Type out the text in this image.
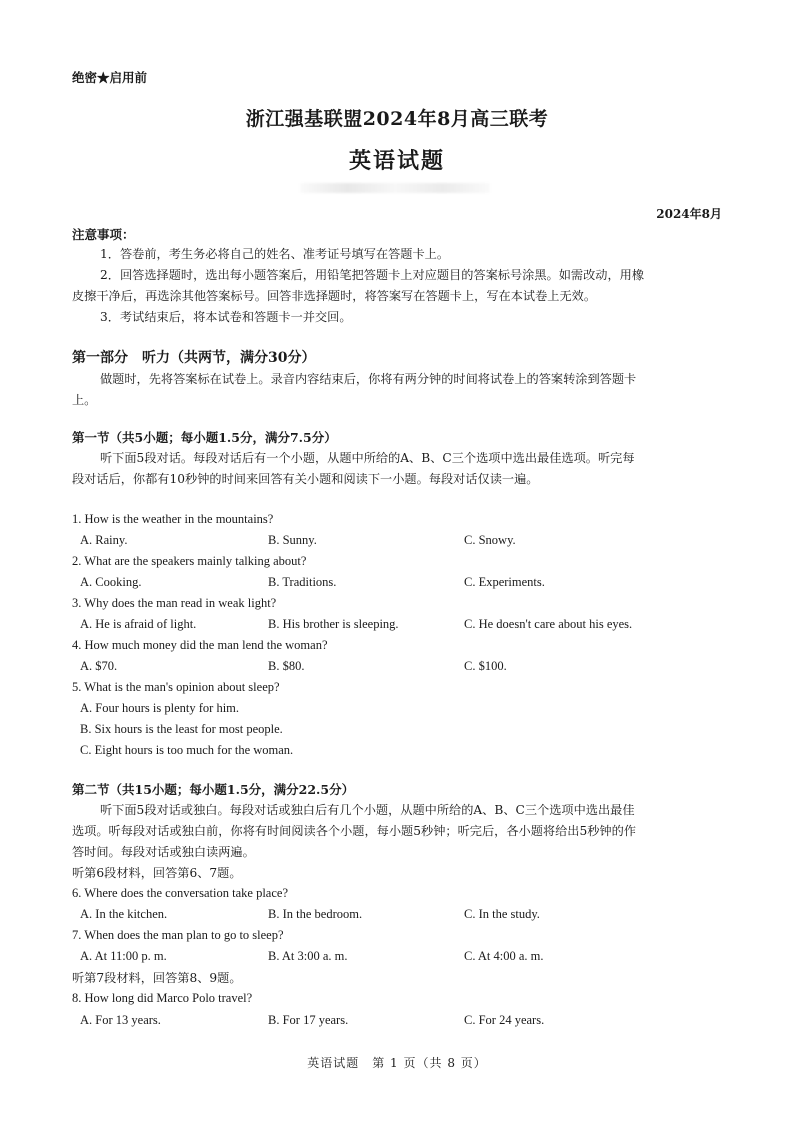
绝密★启用前
浙江强基联盟2024年8月高三联考
英语试题
2024年8月
注意事项：
1．答卷前，考生务必将自己的姓名、准考证号填写在答题卡上。
2．回答选择题时，选出每小题答案后，用铅笔把答题卡上对应题目的答案标号涂黑。如需改动，用橡
皮擦干净后，再选涂其他答案标号。回答非选择题时，将答案写在答题卡上，写在本试卷上无效。
3．考试结束后，将本试卷和答题卡一并交回。
第一部分　听力（共两节，满分30分）
做题时，先将答案标在试卷上。录音内容结束后，你将有两分钟的时间将试卷上的答案转涂到答题卡
上。
第一节（共5小题；每小题1.5分，满分7.5分）
听下面5段对话。每段对话后有一个小题，从题中所给的A、B、C三个选项中选出最佳选项。听完每
段对话后，你都有10秒钟的时间来回答有关小题和阅读下一小题。每段对话仅读一遍。
1. How is the weather in the mountains?
A. Rainy.	B. Sunny.	C. Snowy.
2. What are the speakers mainly talking about?
A. Cooking.	B. Traditions.	C. Experiments.
3. Why does the man read in weak light?
A. He is afraid of light.	B. His brother is sleeping.	C. He doesn't care about his eyes.
4. How much money did the man lend the woman?
A. $70.	B. $80.	C. $100.
5. What is the man's opinion about sleep?
A. Four hours is plenty for him.
B. Six hours is the least for most people.
C. Eight hours is too much for the woman.
第二节（共15小题；每小题1.5分，满分22.5分）
听下面5段对话或独白。每段对话或独白后有几个小题，从题中所给的A、B、C三个选项中选出最佳
选项。听每段对话或独白前，你将有时间阅读各个小题，每小题5秒钟；听完后，各小题将给出5秒钟的作
答时间。每段对话或独白读两遍。
听第6段材料，回答第6、7题。
6. Where does the conversation take place?
A. In the kitchen.	B. In the bedroom.	C. In the study.
7. When does the man plan to go to sleep?
A. At 11:00 p. m.	B. At 3:00 a. m.	C. At 4:00 a. m.
听第7段材料，回答第8、9题。
8. How long did Marco Polo travel?
A. For 13 years.	B. For 17 years.	C. For 24 years.
英语试题　第 1 页（共 8 页）
